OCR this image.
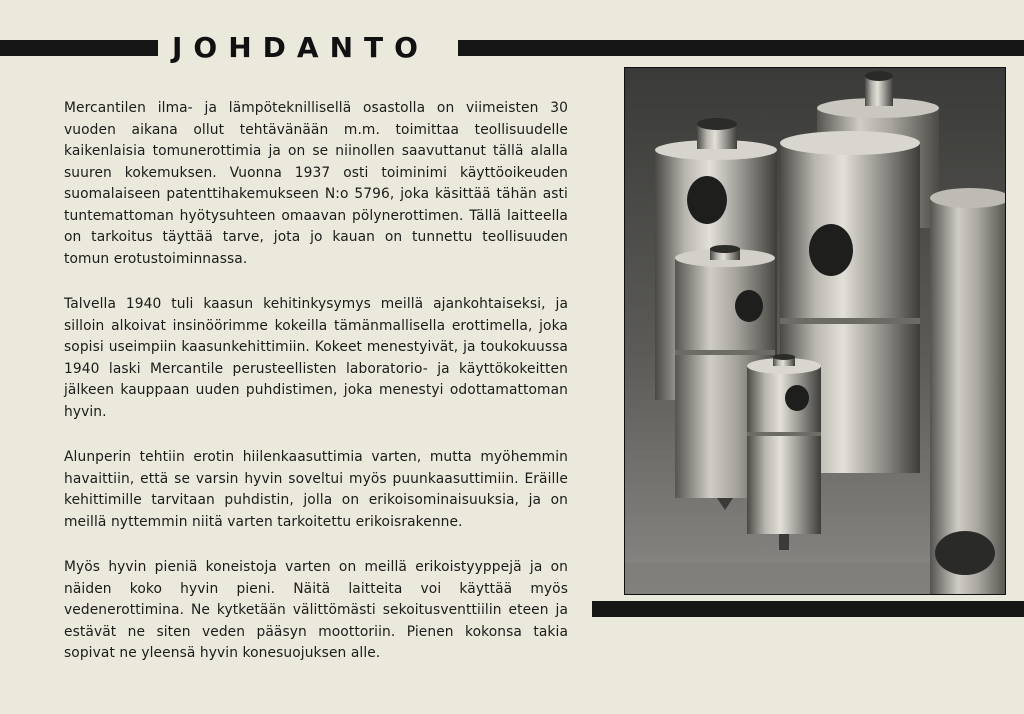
JOHDANTO

Mercantilen ilma- ja lämpöteknillisellä osastolla on viimeisten 30 vuoden aikana ollut tehtävänään m.m. toimittaa teollisuudelle kaikenlaisia tomunerottimia ja on se niinollen saavuttanut tällä alalla suuren kokemuksen. Vuonna 1937 osti toiminimi käyttöoikeuden suomalaiseen patenttihakemukseen N:o 5796, joka käsittää tähän asti tuntemattoman hyötysuhteen omaavan pölynerottimen. Tällä laitteella on tarkoitus täyttää tarve, jota jo kauan on tunnettu teollisuuden tomun erotustoiminnassa.

Talvella 1940 tuli kaasun kehitinkysymys meillä ajankohtaiseksi, ja silloin alkoivat insinöörimme kokeilla tämänmallisella erottimella, joka sopisi useimpiin kaasunkehittimiin. Kokeet menestyivät, ja toukokuussa 1940 laski Mercantile perusteellisten laboratorio- ja käyttökokeitten jälkeen kauppaan uuden puhdistimen, joka menestyi odottamattoman hyvin.

Alunperin tehtiin erotin hiilenkaasuttimia varten, mutta myöhemmin havaittiin, että se varsin hyvin soveltui myös puunkaasuttimiin. Eräille kehittimille tarvitaan puhdistin, jolla on erikoisominaisuuksia, ja on meillä nyttemmin niitä varten tarkoitettu erikoisrakenne.

Myös hyvin pieniä koneistoja varten on meillä erikoistyyppejä ja on näiden koko hyvin pieni. Näitä laitteita voi käyttää myös vedenerottimina. Ne kytketään välittömästi sekoitusventtiilin eteen ja estävät ne siten veden pääsyn moottoriin. Pienen kokonsa takia sopivat ne yleensä hyvin konesuojuksen alle.
